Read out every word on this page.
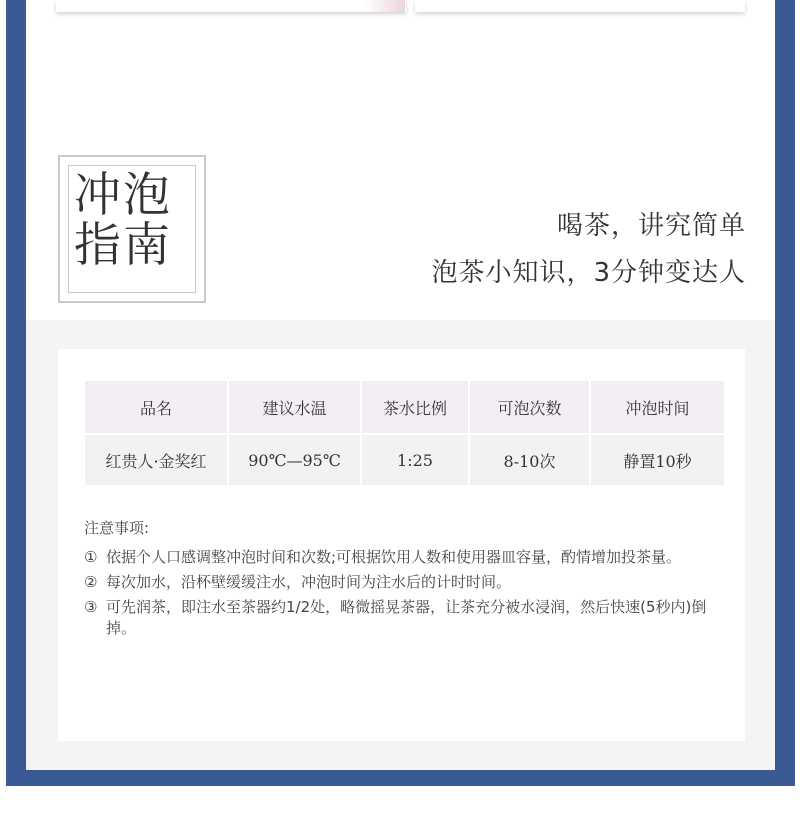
冲泡
指南	喝茶，讲究简单
泡茶小知识，3分钟变达人
品名	建议水温	茶水比例	可泡次数	冲泡时间
红贵人·金奖红	90℃—95℃	1:25	8-10次	静置10秒
注意事项:
① 依据个人口感调整冲泡时间和次数;可根据饮用人数和使用器皿容量，酌情增加投茶量。
② 每次加水，沿杯壁缓缓注水，冲泡时间为注水后的计时时间。
③ 可先润茶，即注水至茶器约1/2处，略微摇晃茶器，让茶充分被水浸润，然后快速(5秒内)倒掉。
